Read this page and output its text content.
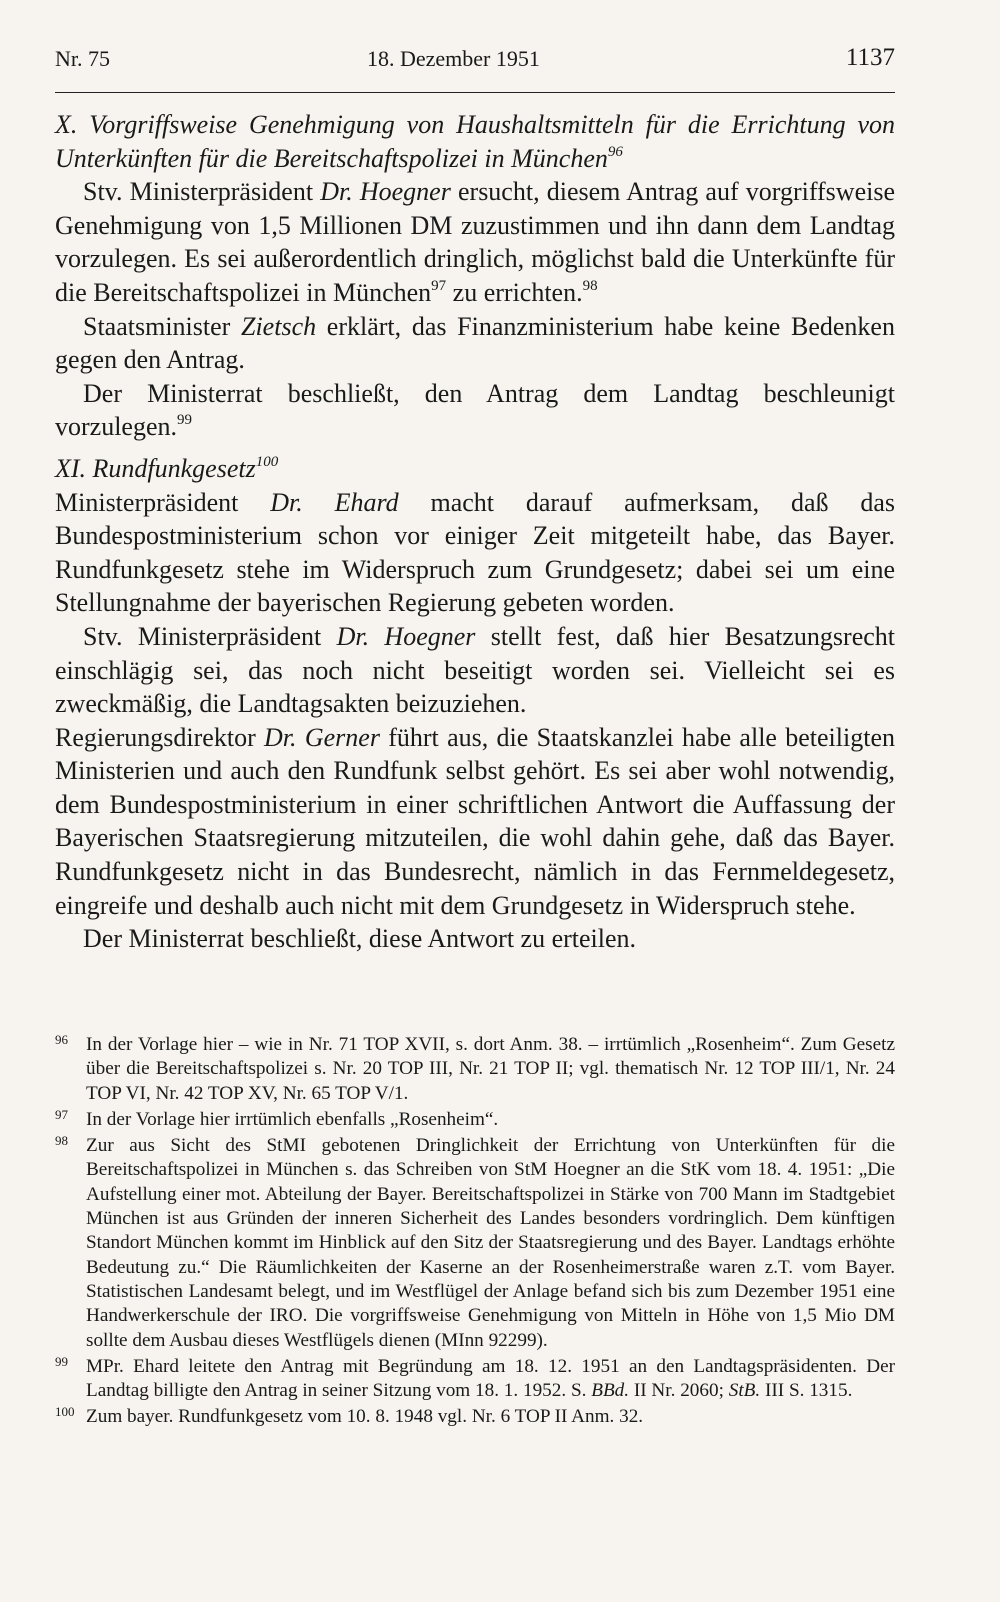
Nr. 75	18. Dezember 1951	1137

X. Vorgriffsweise Genehmigung von Haushaltsmitteln für die Errichtung von Unterkünften für die Bereitschaftspolizei in München$^{96}$

Stv. Ministerpräsident Dr. Hoegner ersucht, diesem Antrag auf vorgriffsweise Genehmigung von 1,5 Millionen DM zuzustimmen und ihn dann dem Landtag vorzulegen. Es sei außerordentlich dringlich, möglichst bald die Unterkünfte für die Bereitschaftspolizei in München$^{97}$ zu errichten.$^{98}$

Staatsminister Zietsch erklärt, das Finanzministerium habe keine Bedenken gegen den Antrag.

Der Ministerrat beschließt, den Antrag dem Landtag beschleunigt vorzulegen.$^{99}$

XI. Rundfunkgesetz$^{100}$

Ministerpräsident Dr. Ehard macht darauf aufmerksam, daß das Bundespostministerium schon vor einiger Zeit mitgeteilt habe, das Bayer. Rundfunkgesetz stehe im Widerspruch zum Grundgesetz; dabei sei um eine Stellungnahme der bayerischen Regierung gebeten worden.

Stv. Ministerpräsident Dr. Hoegner stellt fest, daß hier Besatzungsrecht einschlägig sei, das noch nicht beseitigt worden sei. Vielleicht sei es zweckmäßig, die Landtagsakten beizuziehen.

Regierungsdirektor Dr. Gerner führt aus, die Staatskanzlei habe alle beteiligten Ministerien und auch den Rundfunk selbst gehört. Es sei aber wohl notwendig, dem Bundespostministerium in einer schriftlichen Antwort die Auffassung der Bayerischen Staatsregierung mitzuteilen, die wohl dahin gehe, daß das Bayer. Rundfunkgesetz nicht in das Bundesrecht, nämlich in das Fernmeldegesetz, eingreife und deshalb auch nicht mit dem Grundgesetz in Widerspruch stehe.

Der Ministerrat beschließt, diese Antwort zu erteilen.

96 In der Vorlage hier – wie in Nr. 71 TOP XVII, s. dort Anm. 38. – irrtümlich „Rosenheim“. Zum Gesetz über die Bereitschaftspolizei s. Nr. 20 TOP III, Nr. 21 TOP II; vgl. thematisch Nr. 12 TOP III/1, Nr. 24 TOP VI, Nr. 42 TOP XV, Nr. 65 TOP V/1.

97 In der Vorlage hier irrtümlich ebenfalls „Rosenheim“.

98 Zur aus Sicht des StMI gebotenen Dringlichkeit der Errichtung von Unterkünften für die Bereitschaftspolizei in München s. das Schreiben von StM Hoegner an die StK vom 18. 4. 1951: „Die Aufstellung einer mot. Abteilung der Bayer. Bereitschaftspolizei in Stärke von 700 Mann im Stadtgebiet München ist aus Gründen der inneren Sicherheit des Landes besonders vordringlich. Dem künftigen Standort München kommt im Hinblick auf den Sitz der Staatsregierung und des Bayer. Landtags erhöhte Bedeutung zu.“ Die Räumlichkeiten der Kaserne an der Rosenheimerstraße waren z.T. vom Bayer. Statistischen Landesamt belegt, und im Westflügel der Anlage befand sich bis zum Dezember 1951 eine Handwerkerschule der IRO. Die vorgriffsweise Genehmigung von Mitteln in Höhe von 1,5 Mio DM sollte dem Ausbau dieses Westflügels dienen (MInn 92299).

99 MPr. Ehard leitete den Antrag mit Begründung am 18. 12. 1951 an den Landtagspräsidenten. Der Landtag billigte den Antrag in seiner Sitzung vom 18. 1. 1952. S. BBd. II Nr. 2060; StB. III S. 1315.

100 Zum bayer. Rundfunkgesetz vom 10. 8. 1948 vgl. Nr. 6 TOP II Anm. 32.
